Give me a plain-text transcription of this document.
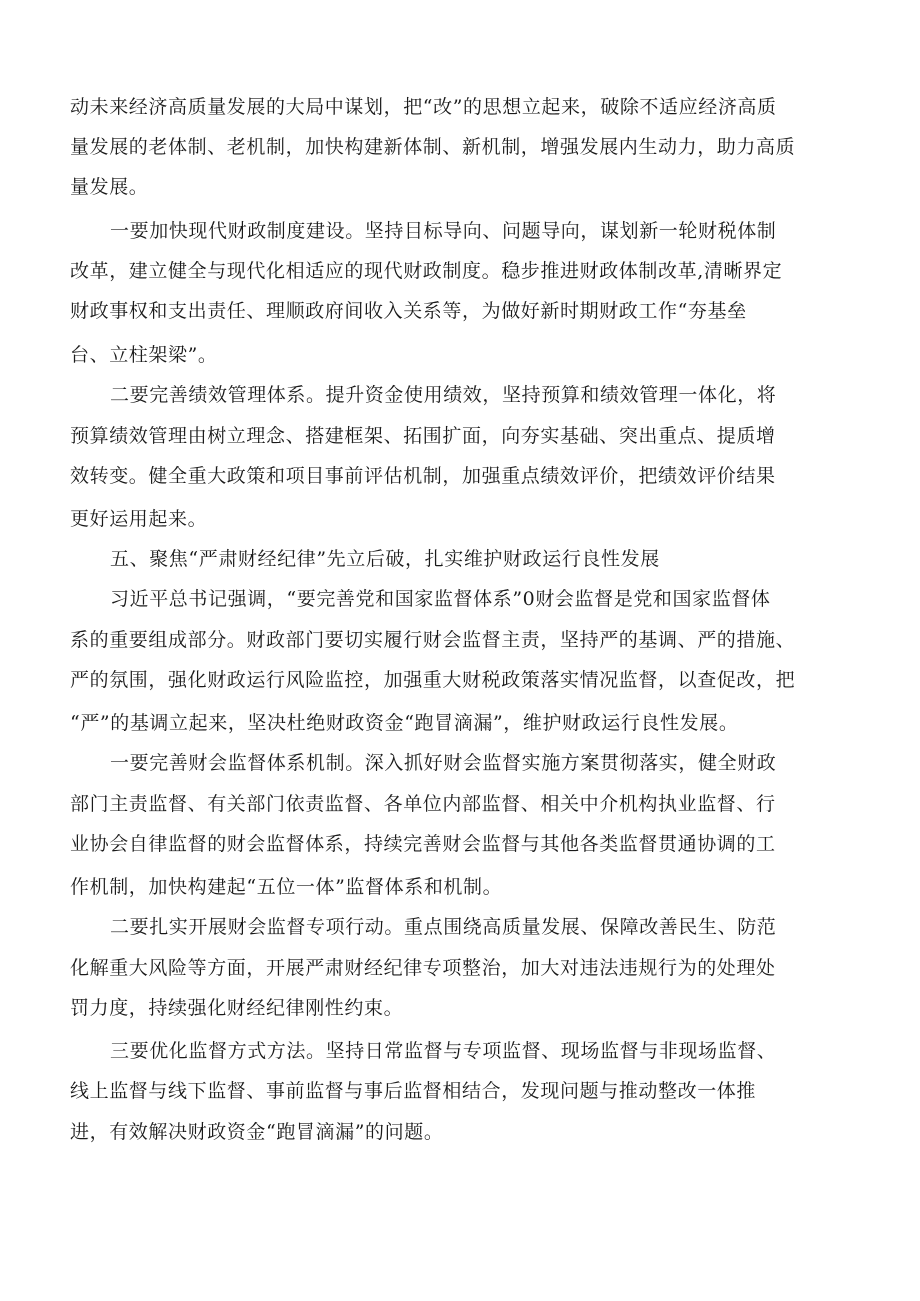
动未来经济高质量发展的大局中谋划，把“改”的思想立起来，破除不适应经济高质
量发展的老体制、老机制，加快构建新体制、新机制，增强发展内生动力，助力高质
量发展。
一要加快现代财政制度建设。坚持目标导向、问题导向，谋划新一轮财税体制
改革，建立健全与现代化相适应的现代财政制度。稳步推进财政体制改革,清晰界定
财政事权和支出责任、理顺政府间收入关系等，为做好新时期财政工作“夯基垒
台、立柱架梁”。
二要完善绩效管理体系。提升资金使用绩效，坚持预算和绩效管理一体化，将
预算绩效管理由树立理念、搭建框架、拓围扩面，向夯实基础、突出重点、提质增
效转变。健全重大政策和项目事前评估机制，加强重点绩效评价，把绩效评价结果
更好运用起来。
五、聚焦“严肃财经纪律”先立后破，扎实维护财政运行良性发展
习近平总书记强调，“要完善党和国家监督体系”0财会监督是党和国家监督体
系的重要组成部分。财政部门要切实履行财会监督主责，坚持严的基调、严的措施、
严的氛围，强化财政运行风险监控，加强重大财税政策落实情况监督，以查促改，把
“严”的基调立起来，坚决杜绝财政资金“跑冒滴漏”，维护财政运行良性发展。
一要完善财会监督体系机制。深入抓好财会监督实施方案贯彻落实，健全财政
部门主责监督、有关部门依责监督、各单位内部监督、相关中介机构执业监督、行
业协会自律监督的财会监督体系，持续完善财会监督与其他各类监督贯通协调的工
作机制，加快构建起“五位一体”监督体系和机制。
二要扎实开展财会监督专项行动。重点围绕高质量发展、保障改善民生、防范
化解重大风险等方面，开展严肃财经纪律专项整治，加大对违法违规行为的处理处
罚力度，持续强化财经纪律刚性约束。
三要优化监督方式方法。坚持日常监督与专项监督、现场监督与非现场监督、
线上监督与线下监督、事前监督与事后监督相结合，发现问题与推动整改一体推
进，有效解决财政资金“跑冒滴漏”的问题。
